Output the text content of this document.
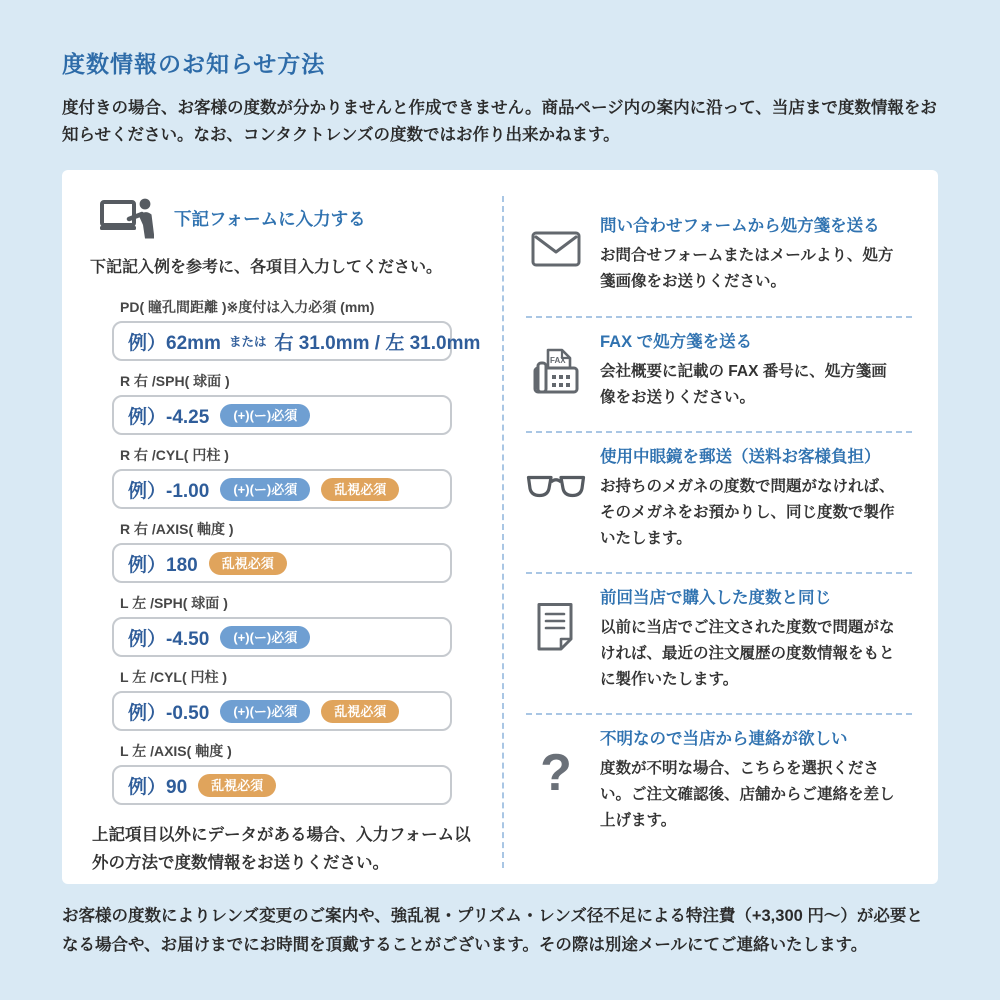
度数情報のお知らせ方法

度付きの場合、お客様の度数が分かりませんと作成できません。商品ページ内の案内に沿って、当店まで度数情報をお知らせください。なお、コンタクトレンズの度数ではお作り出来かねます。

下記フォームに入力する

下記記入例を参考に、各項目入力してください。

PD( 瞳孔間距離 )※度付は入力必須 (mm)
例）62mm または 右 31.0mm / 左 31.0mm
R 右 /SPH( 球面 )
例）-4.25	(+)(ー)必須
R 右 /CYL( 円柱 )
例）-1.00	(+)(ー)必須	乱視必須
R 右 /AXIS( 軸度 )
例）180	乱視必須
L 左 /SPH( 球面 )
例）-4.50	(+)(ー)必須
L 左 /CYL( 円柱 )
例）-0.50	(+)(ー)必須	乱視必須
L 左 /AXIS( 軸度 )
例）90	乱視必須

上記項目以外にデータがある場合、入力フォーム以外の方法で度数情報をお送りください。

問い合わせフォームから処方箋を送る
お問合せフォームまたはメールより、処方箋画像をお送りください。
FAX
FAX で処方箋を送る
会社概要に記載の FAX 番号に、処方箋画像をお送りください。
使用中眼鏡を郵送（送料お客様負担）
お持ちのメガネの度数で問題がなければ、そのメガネをお預かりし、同じ度数で製作いたします。
前回当店で購入した度数と同じ
以前に当店でご注文された度数で問題がなければ、最近の注文履歴の度数情報をもとに製作いたします。
?
不明なので当店から連絡が欲しい
度数が不明な場合、こちらを選択ください。ご注文確認後、店舗からご連絡を差し上げます。

お客様の度数によりレンズ変更のご案内や、強乱視・プリズム・レンズ径不足による特注費（+3,300 円～）が必要となる場合や、お届けまでにお時間を頂戴することがございます。その際は別途メールにてご連絡いたします。
